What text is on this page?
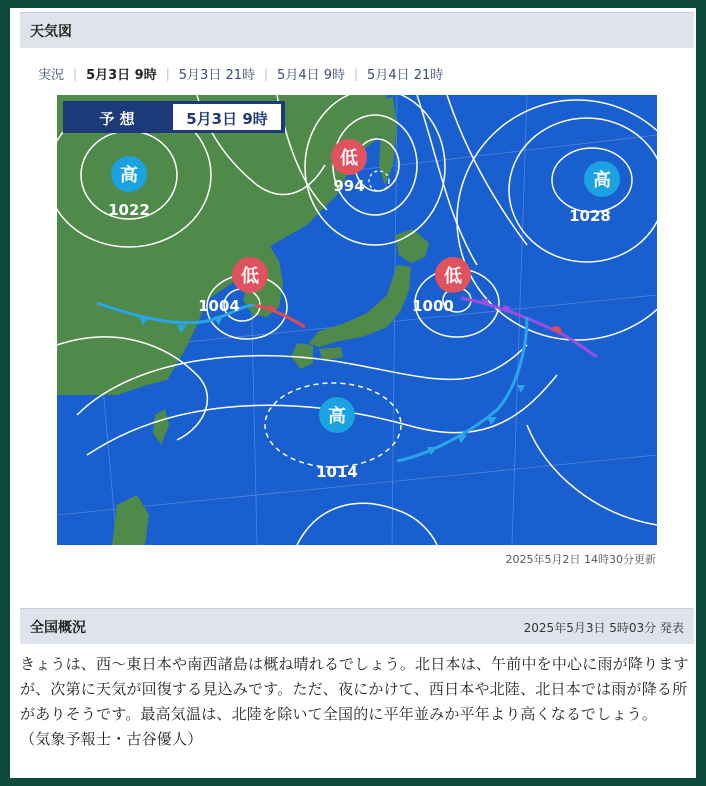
天気図
実況 | 5月3日 9時 | 5月3日 21時 | 5月4日 9時 | 5月4日 21時
高
1022
低
994	高
1028
低
1004
低
1000
高
1014
予 想	5月3日 9時
2025年5月2日 14時30分更新
全国概況	2025年5月3日 5時03分 発表
きょうは、西～東日本や南西諸島は概ね晴れるでしょう。北日本は、午前中を中心に雨が降りますが、次第に天気が回復する見込みです。ただ、夜にかけて、西日本や北陸、北日本では雨が降る所がありそうです。最高気温は、北陸を除いて全国的に平年並みか平年より高くなるでしょう。 （気象予報士・古谷優人）
